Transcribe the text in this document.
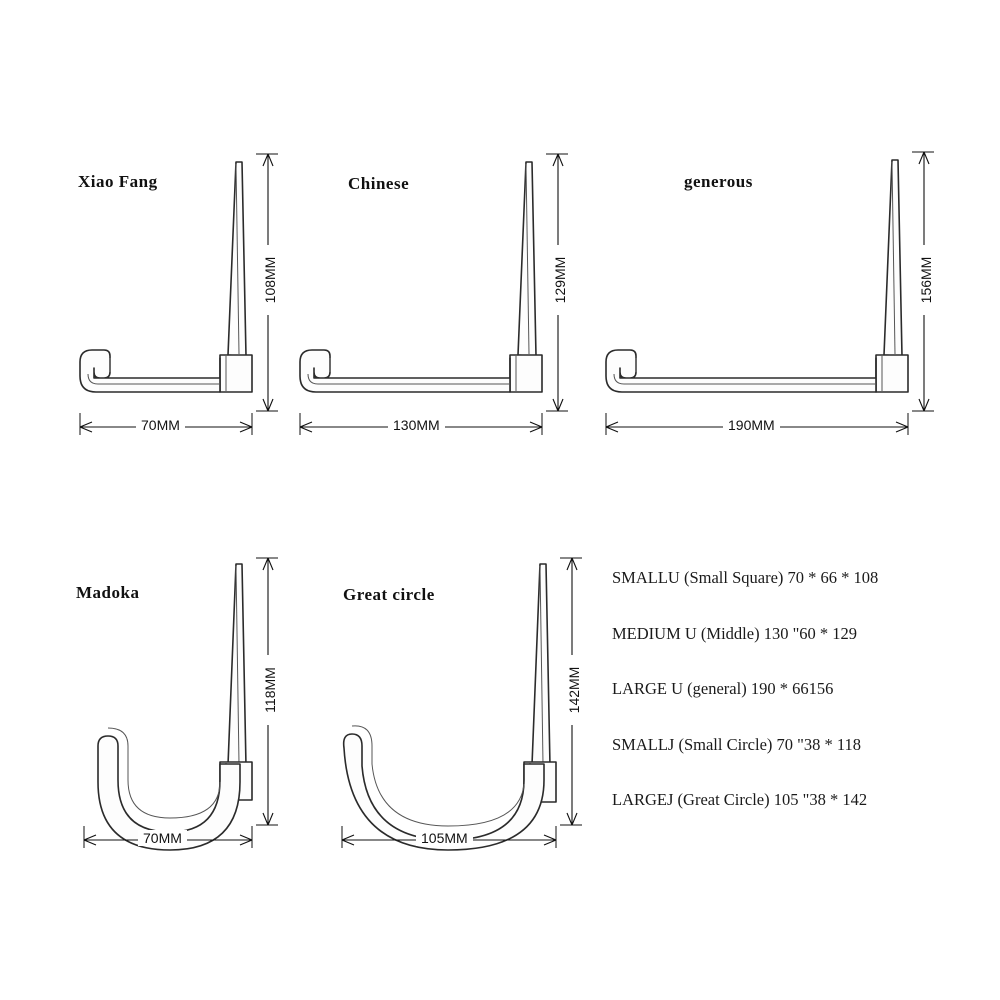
108MM
70MM
Xiao Fang
129MM
130MM
Chinese
156MM
190MM
generous
118MM
70MM
Madoka
142MM
105MM
Great circle
SMALLU (Small Square) 70 * 66 * 108
MEDIUM U (Middle) 130 "60 * 129
LARGE U (general) 190 * 66156
SMALLJ (Small Circle) 70 "38 * 118
LARGEJ (Great Circle) 105 "38 * 142
